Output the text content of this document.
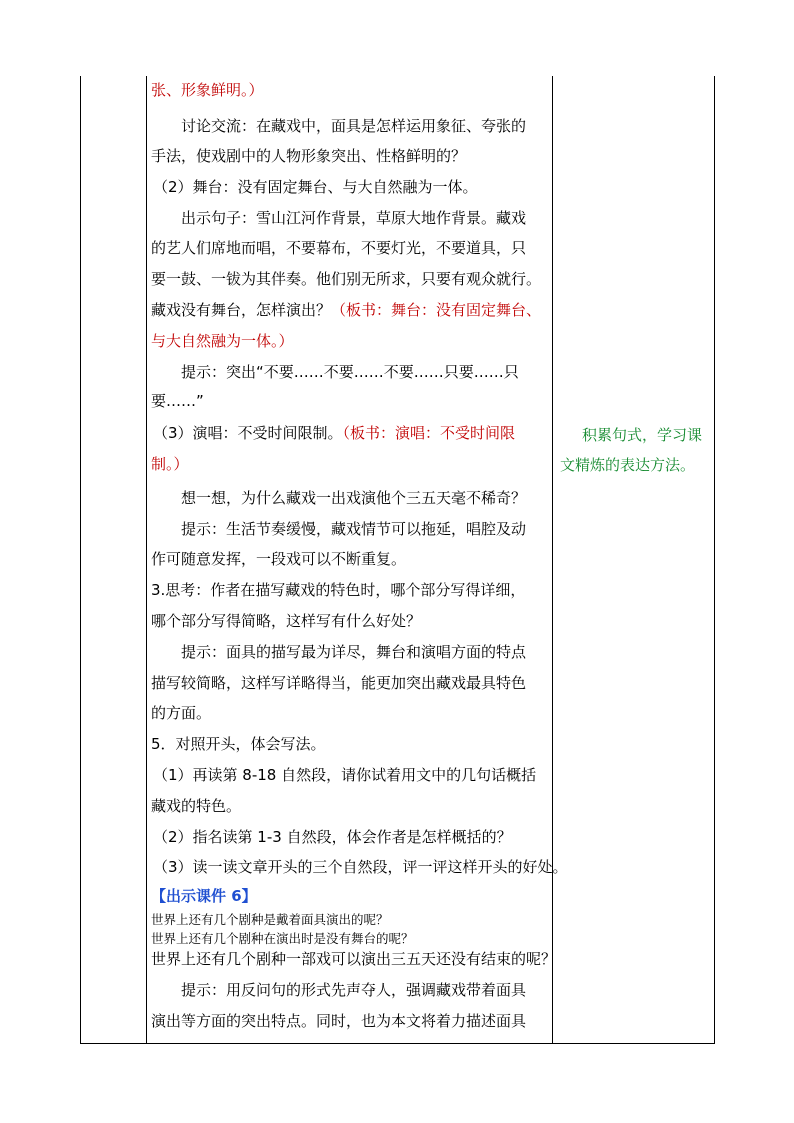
张、形象鲜明。）
讨论交流：在藏戏中，面具是怎样运用象征、夸张的
手法，使戏剧中的人物形象突出、性格鲜明的？
（2）舞台：没有固定舞台、与大自然融为一体。
出示句子：雪山江河作背景，草原大地作背景。藏戏
的艺人们席地而唱，不要幕布，不要灯光，不要道具，只
要一鼓、一钹为其伴奏。他们别无所求，只要有观众就行。
藏戏没有舞台，怎样演出？（板书：舞台：没有固定舞台、
与大自然融为一体。）
提示：突出“不要……不要……不要……只要……只
要……”
（3）演唱：不受时间限制。（板书：演唱：不受时间限
制。）
想一想，为什么藏戏一出戏演他个三五天毫不稀奇？
提示：生活节奏缓慢，藏戏情节可以拖延，唱腔及动
作可随意发挥，一段戏可以不断重复。
3.思考：作者在描写藏戏的特色时，哪个部分写得详细，
哪个部分写得简略，这样写有什么好处？
提示：面具的描写最为详尽，舞台和演唱方面的特点
描写较简略，这样写详略得当，能更加突出藏戏最具特色
的方面。
5．对照开头，体会写法。
（1）再读第 8-18 自然段，请你试着用文中的几句话概括
藏戏的特色。
（2）指名读第 1-3 自然段，体会作者是怎样概括的？
（3）读一读文章开头的三个自然段，评一评这样开头的好处。
【出示课件 6】
世界上还有几个剧种是戴着面具演出的呢？
世界上还有几个剧种在演出时是没有舞台的呢？
世界上还有几个剧种一部戏可以演出三五天还没有结束的呢？
提示：用反问句的形式先声夺人，强调藏戏带着面具
演出等方面的突出特点。同时，也为本文将着力描述面具
积累句式，学习课
文精炼的表达方法。
